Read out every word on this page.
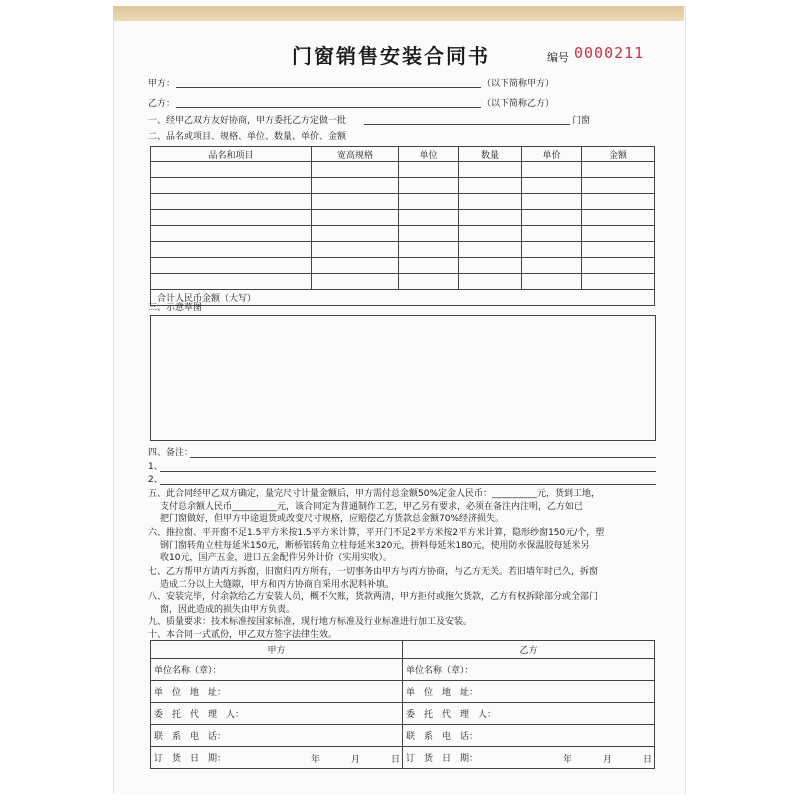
门窗销售安装合同书	编号 0000211
甲方：	（以下简称甲方）
乙方：	（以下简称乙方）
一、经甲乙双方友好协商，甲方委托乙方定做一批	门窗
二、品名或项目、规格、单位、数量、单价、金额
品名和项目	宽高规格	单位	数量	单价	金额

合计人民币金额（大写）					
三、示意草图
四、备注：
1、
2、
五、此合同经甲乙双方确定，量完尺寸计量金额后，甲方需付总金额50%定金人民币：__________元，货到工地，
支付总余额人民币__________元，该合同定为普通制作工艺，甲乙另有要求，必须在备注内注明，乙方如已
把门窗做好，但甲方中途退货或改变尺寸规格，应赔偿乙方货款总金额70%经济损失。
六、推拉窗、平开窗不足1.5平方米按1.5平方米计算，平开门不足2平方米按2平方米计算，隐形纱窗150元/个，塑
钢门窗转角立柱每延米150元，断桥铝转角立柱每延米320元，拼料每延米180元，使用防水保温胶每延米另
收10元，国产五金，进口五金配件另外计价（实用实收）。
七、乙方帮甲方请丙方拆窗，旧窗归丙方所有，一切事务由甲方与丙方协商，与乙方无关。若旧墙年时已久，拆窗
造成二分以上大缝隙，甲方和丙方协商自采用水泥料补填。
八、安装完毕，付余款给乙方安装人员，概不欠账，货款两清，甲方拒付或拖欠货款，乙方有权拆除部分或全部门
窗，因此造成的损失由甲方负责。
九、质量要求：技术标准按国家标准，现行地方标准及行业标准进行加工及安装。
十、本合同一式贰份，甲乙双方签字法律生效。
甲方	乙方
单位名称（章）：	单位名称（章）：
单　位　地　址：	单　位　地　址：
委　托　代　理　人：	委　托　代　理　人：
联　系　电　话：	联　系　电　话：
订　货　日　期： 年 月 日	订　货　日　期： 年 月 日
